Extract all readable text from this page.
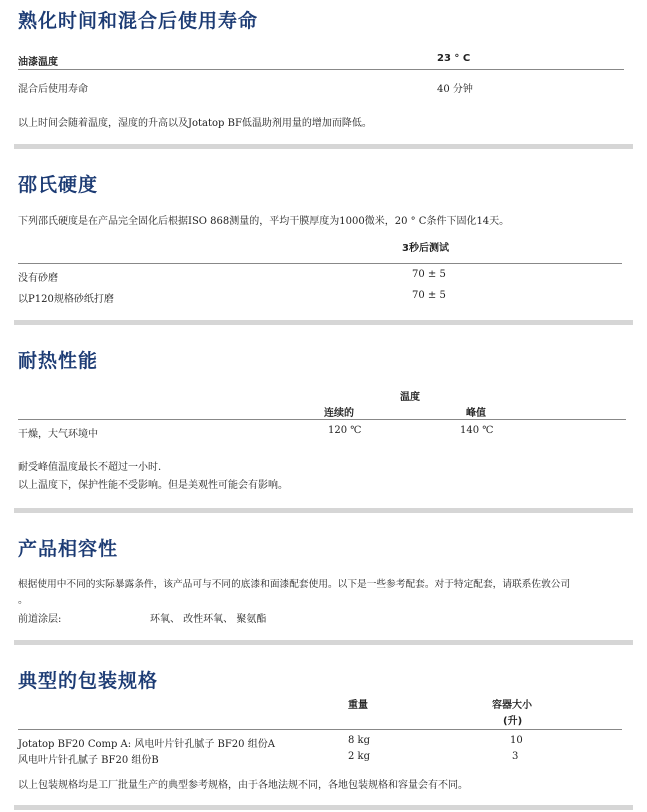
熟化时间和混合后使用寿命
油漆温度	23 ° C
混合后使用寿命	40 分钟
以上时间会随着温度，湿度的升高以及Jotatop BF低温助剂用量的增加而降低。
邵氏硬度
下列邵氏硬度是在产品完全固化后根据ISO 868测量的，平均干膜厚度为1000微米，20 ° C条件下固化14天。
3秒后测试
没有砂磨	70 ± 5
以P120规格砂纸打磨	70 ± 5
耐热性能
温度
连续的	峰值
干燥，大气环境中	120 ℃	140 ℃
耐受峰值温度最长不超过一小时.
以上温度下，保护性能不受影响。但是美观性可能会有影响。
产品相容性
根据使用中不同的实际暴露条件，该产品可与不同的底漆和面漆配套使用。以下是一些参考配套。对于特定配套，请联系佐敦公司
。
前道涂层:	环氧、 改性环氧、 聚氨酯
典型的包装规格
重量	容器大小
(升)
Jotatop BF20 Comp A: 风电叶片针孔腻子 BF20 组份A	8 kg	10
风电叶片针孔腻子 BF20 组份B	2 kg	3
以上包装规格均是工厂批量生产的典型参考规格，由于各地法规不同，各地包装规格和容量会有不同。
